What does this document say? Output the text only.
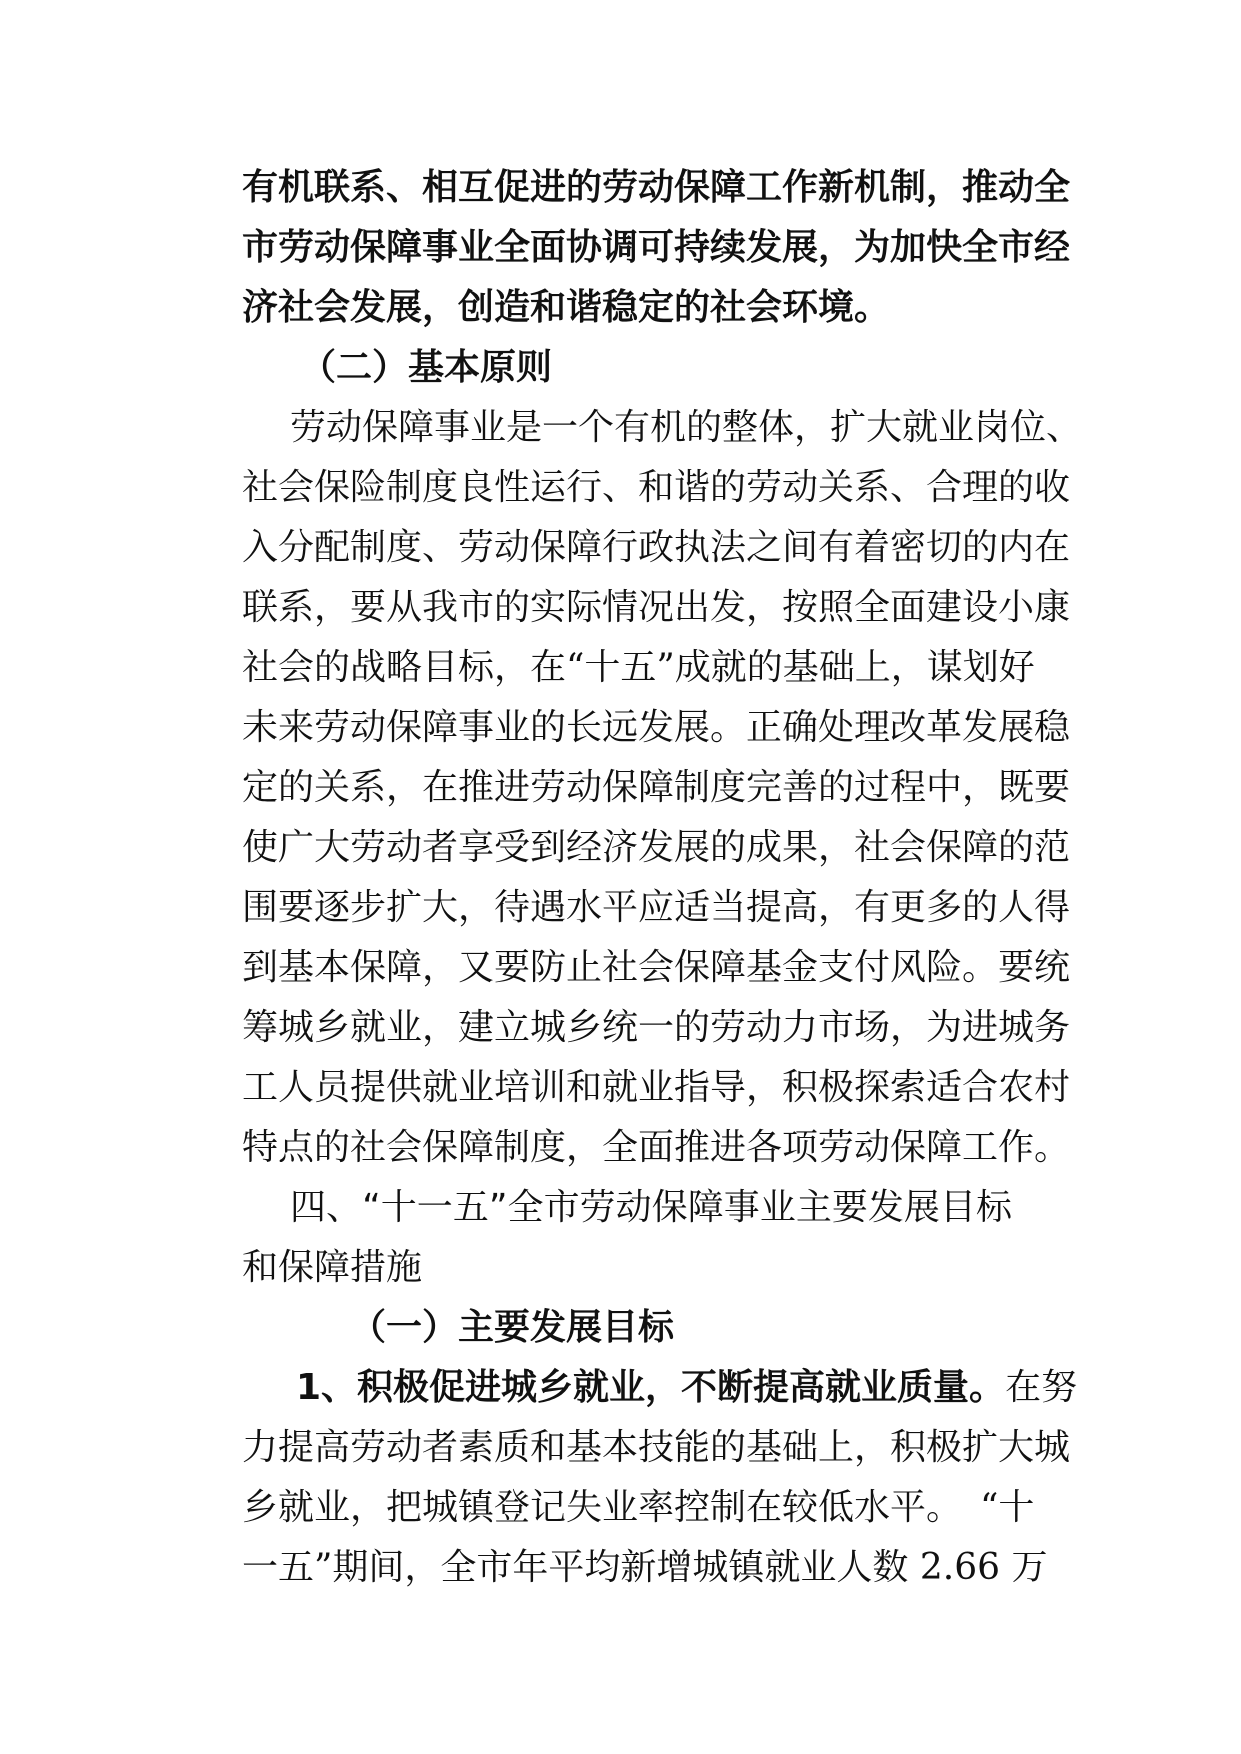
有机联系、相互促进的劳动保障工作新机制，推动全
市劳动保障事业全面协调可持续发展，为加快全市经
济社会发展，创造和谐稳定的社会环境。
（二）基本原则
劳动保障事业是一个有机的整体，扩大就业岗位、
社会保险制度良性运行、和谐的劳动关系、合理的收
入分配制度、劳动保障行政执法之间有着密切的内在
联系，要从我市的实际情况出发，按照全面建设小康
社会的战略目标，在“十五”成就的基础上，谋划好
未来劳动保障事业的长远发展。正确处理改革发展稳
定的关系，在推进劳动保障制度完善的过程中，既要
使广大劳动者享受到经济发展的成果，社会保障的范
围要逐步扩大，待遇水平应适当提高，有更多的人得
到基本保障，又要防止社会保障基金支付风险。要统
筹城乡就业，建立城乡统一的劳动力市场，为进城务
工人员提供就业培训和就业指导，积极探索适合农村
特点的社会保障制度，全面推进各项劳动保障工作。
四、“十一五”全市劳动保障事业主要发展目标
和保障措施
（一）主要发展目标
1、积极促进城乡就业，不断提高就业质量。在努
力提高劳动者素质和基本技能的基础上，积极扩大城
乡就业，把城镇登记失业率控制在较低水平。　“十
一五”期间，全市年平均新增城镇就业人数 2.66 万
